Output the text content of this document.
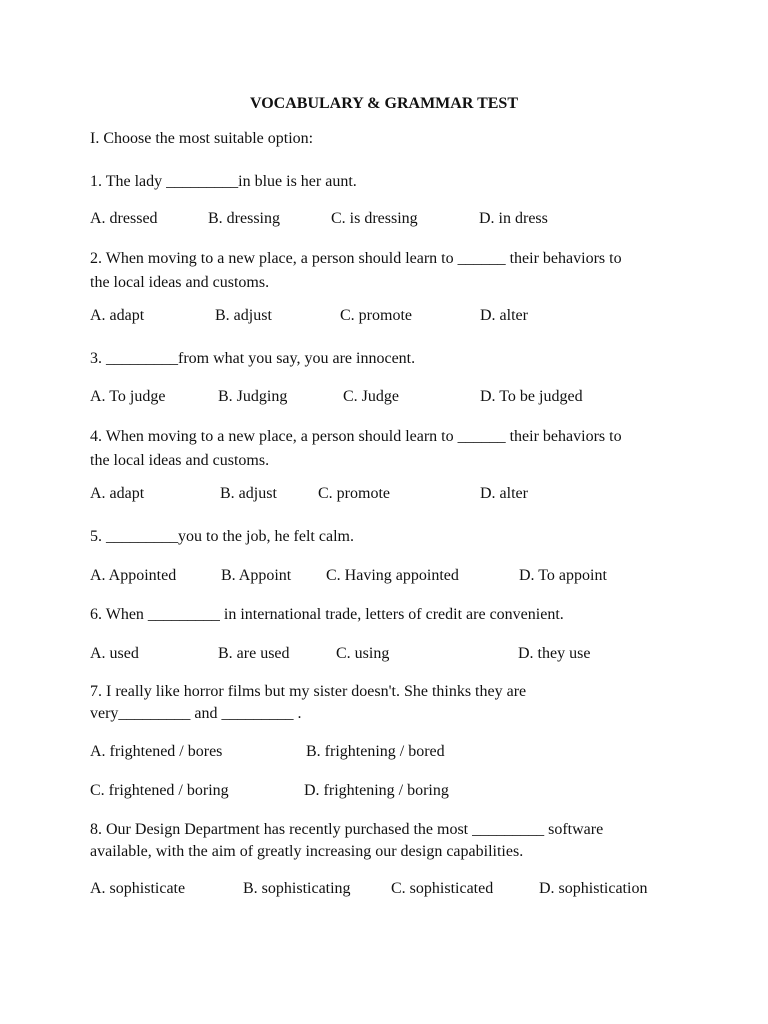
VOCABULARY & GRAMMAR TEST
I. Choose the most suitable option:
1. The lady _________in blue is her aunt.
A. dressed	B. dressing	C. is dressing	D. in dress
2. When moving to a new place, a person should learn to ______ their behaviors to
the local ideas and customs.
A. adapt	B. adjust	C. promote	D. alter
3. _________from what you say, you are innocent.
A. To judge	B. Judging	C. Judge	D. To be judged
4. When moving to a new place, a person should learn to ______ their behaviors to
the local ideas and customs.
A. adapt	B. adjust	C. promote	D. alter
5. _________you to the job, he felt calm.
A. Appointed	B. Appoint C. Having appointed	D. To appoint
6. When _________ in international trade, letters of credit are convenient.
A. used	B. are used	C. using	D. they use
7. I really like horror films but my sister doesn't. She thinks they are
very_________ and _________ .
A. frightened / bores	B. frightening / bored
C. frightened / boring	D. frightening / boring
8. Our Design Department has recently purchased the most _________ software
available, with the aim of greatly increasing our design capabilities.
A. sophisticate	B. sophisticating	C. sophisticated	D. sophistication
